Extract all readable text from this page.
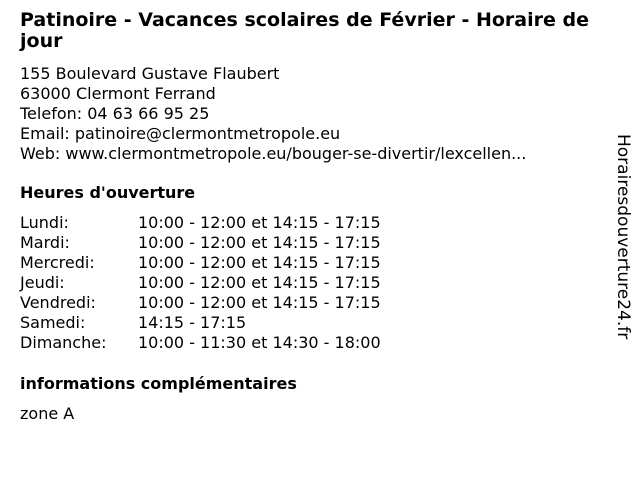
Patinoire - Vacances scolaires de Février - Horaire de jour
155 Boulevard Gustave Flaubert
63000 Clermont Ferrand
Telefon: 04 63 66 95 25
Email: patinoire@clermontmetropole.eu
Web: www.clermontmetropole.eu/bouger-se-divertir/lexcellen...
Heures d'ouverture
Lundi:	10:00 - 12:00 et 14:15 - 17:15
Mardi:	10:00 - 12:00 et 14:15 - 17:15
Mercredi:	10:00 - 12:00 et 14:15 - 17:15
Jeudi:	10:00 - 12:00 et 14:15 - 17:15
Vendredi:	10:00 - 12:00 et 14:15 - 17:15
Samedi:	14:15 - 17:15
Dimanche:	10:00 - 11:30 et 14:30 - 18:00
informations complémentaires
zone A
Horairesdouverture24.fr
